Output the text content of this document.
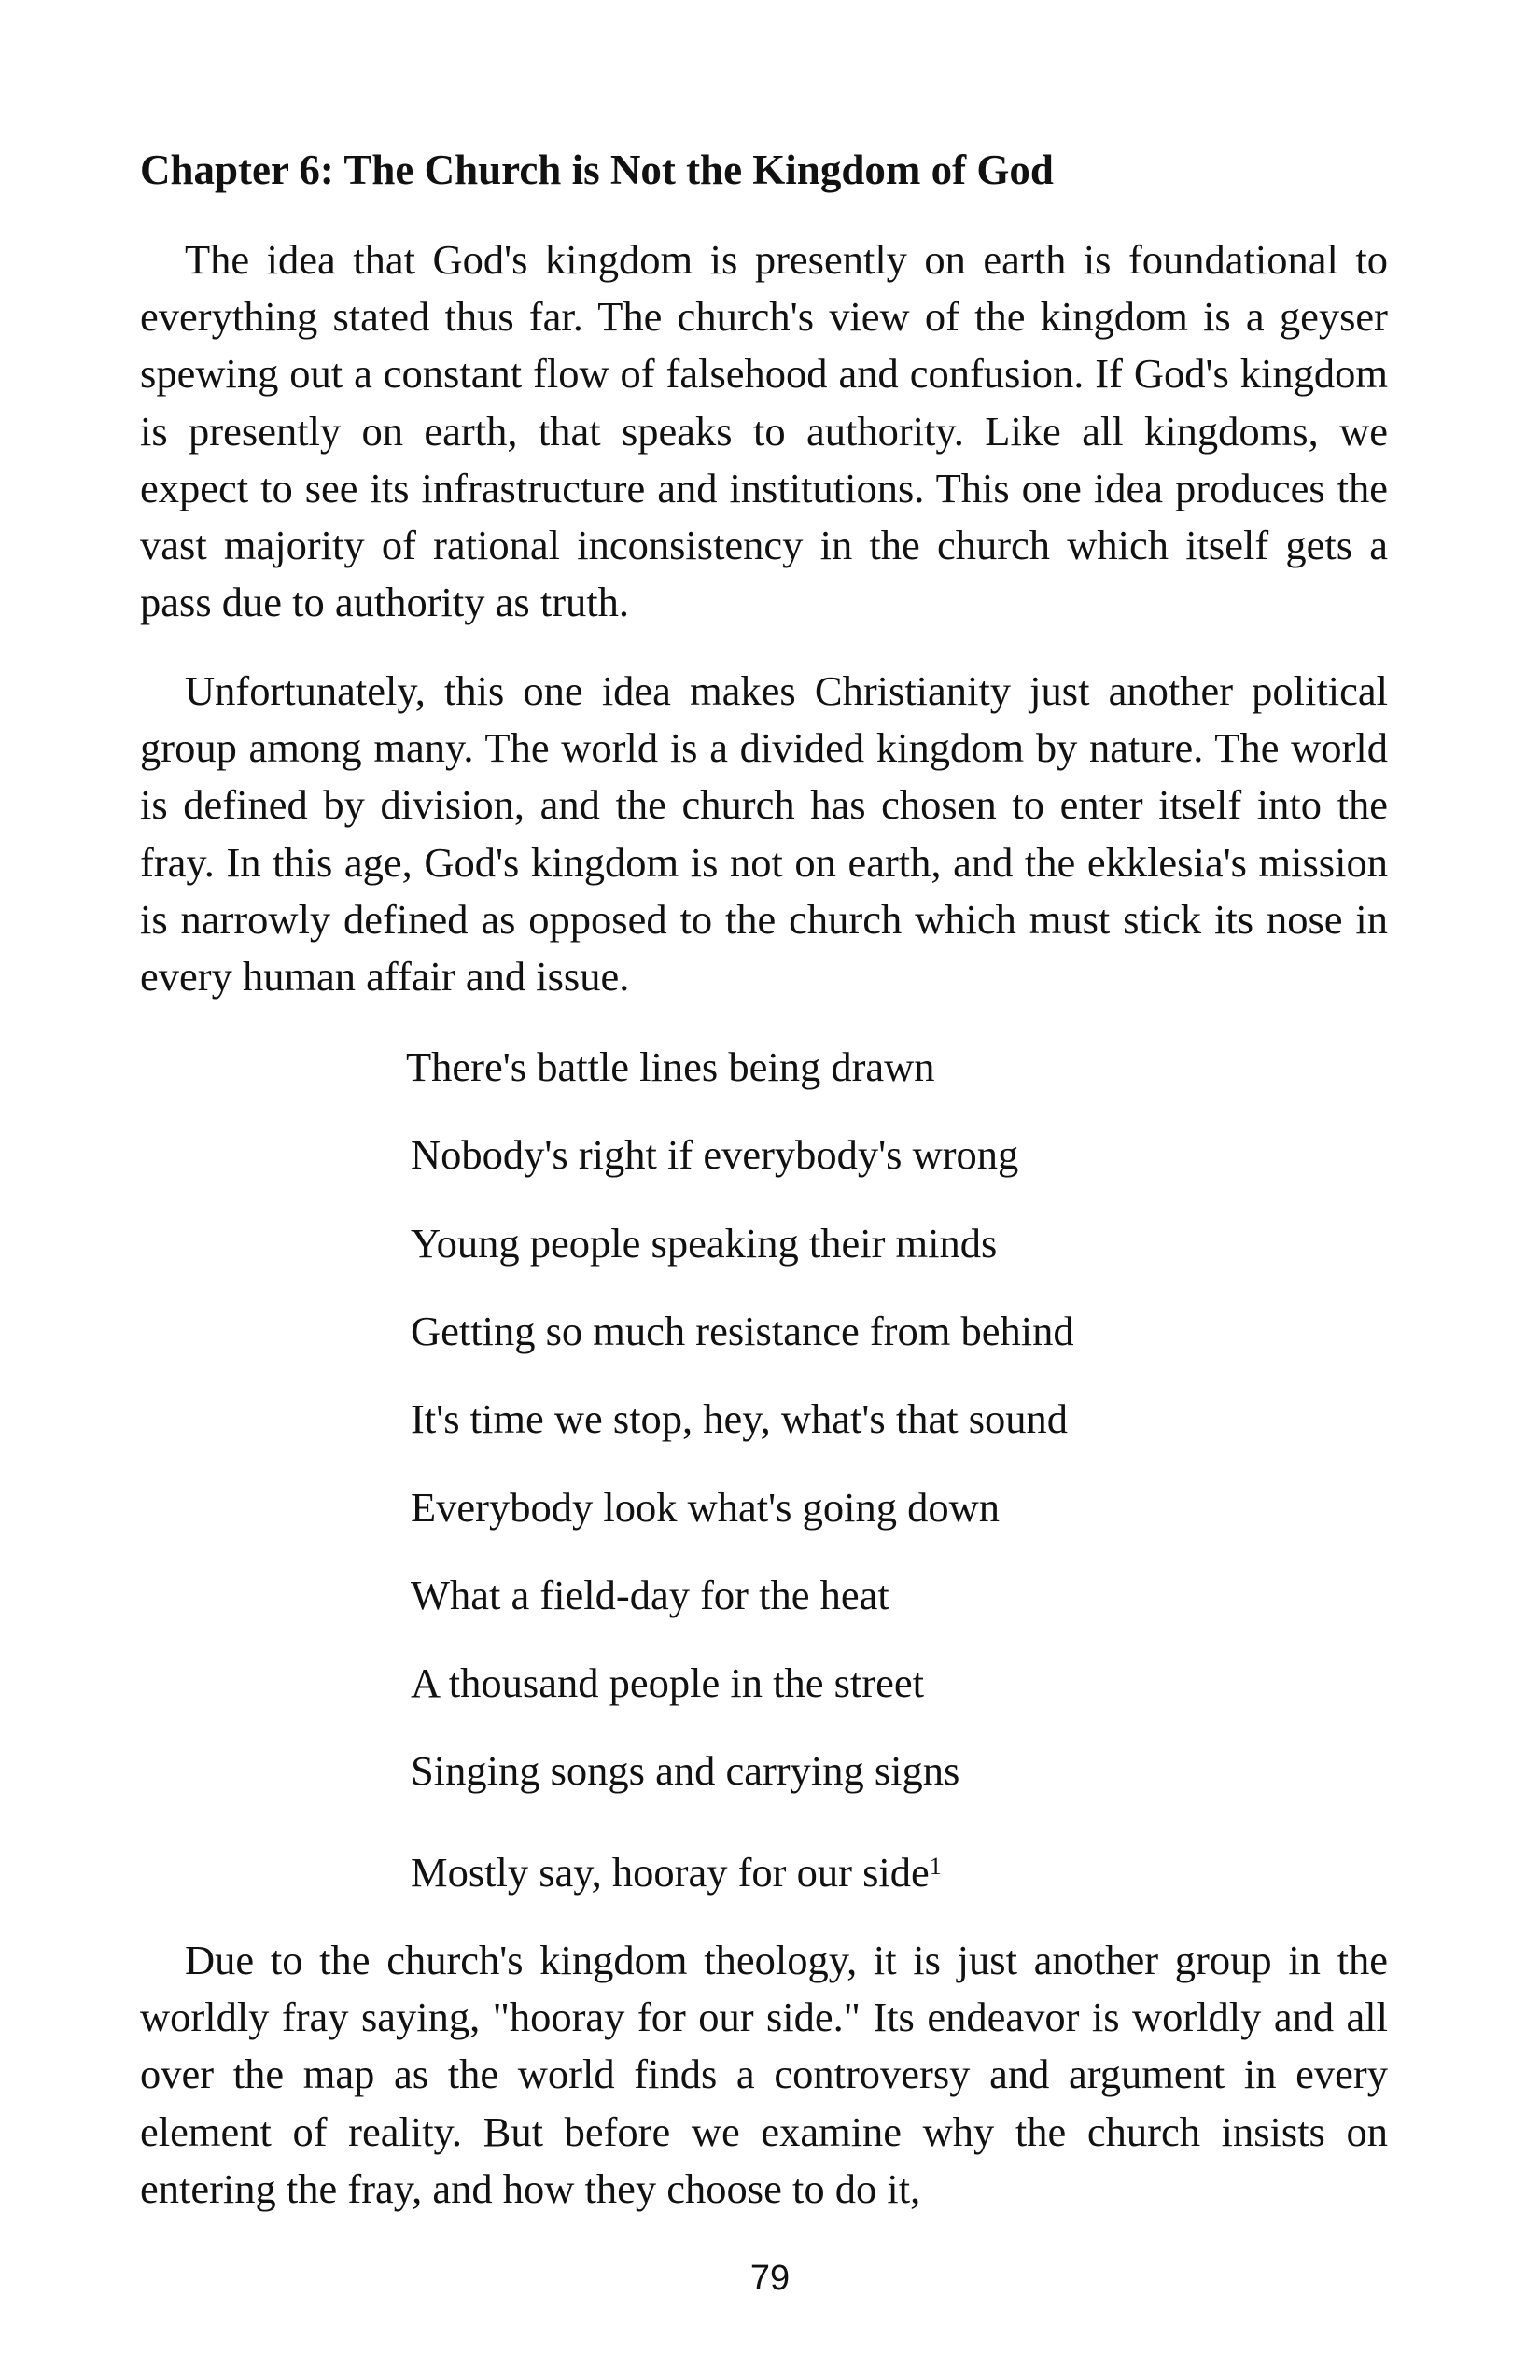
Chapter 6: The Church is Not the Kingdom of God

The idea that God's kingdom is presently on earth is foundational to everything stated thus far. The church's view of the kingdom is a geyser spewing out a constant flow of falsehood and confusion. If God's kingdom is presently on earth, that speaks to authority. Like all kingdoms, we expect to see its infrastructure and institutions. This one idea produces the vast majority of rational inconsistency in the church which itself gets a pass due to authority as truth.

Unfortunately, this one idea makes Christianity just another political group among many. The world is a divided kingdom by nature. The world is defined by division, and the church has chosen to enter itself into the fray. In this age, God's kingdom is not on earth, and the ekklesia's mission is narrowly defined as opposed to the church which must stick its nose in every human affair and issue.

There's battle lines being drawn

Nobody's right if everybody's wrong

Young people speaking their minds

Getting so much resistance from behind

It's time we stop, hey, what's that sound

Everybody look what's going down

What a field-day for the heat

A thousand people in the street

Singing songs and carrying signs

Mostly say, hooray for our side$^1$

Due to the church's kingdom theology, it is just another group in the worldly fray saying, "hooray for our side." Its endeavor is worldly and all over the map as the world finds a controversy and argument in every element of reality. But before we examine why the church insists on entering the fray, and how they choose to do it,

79
